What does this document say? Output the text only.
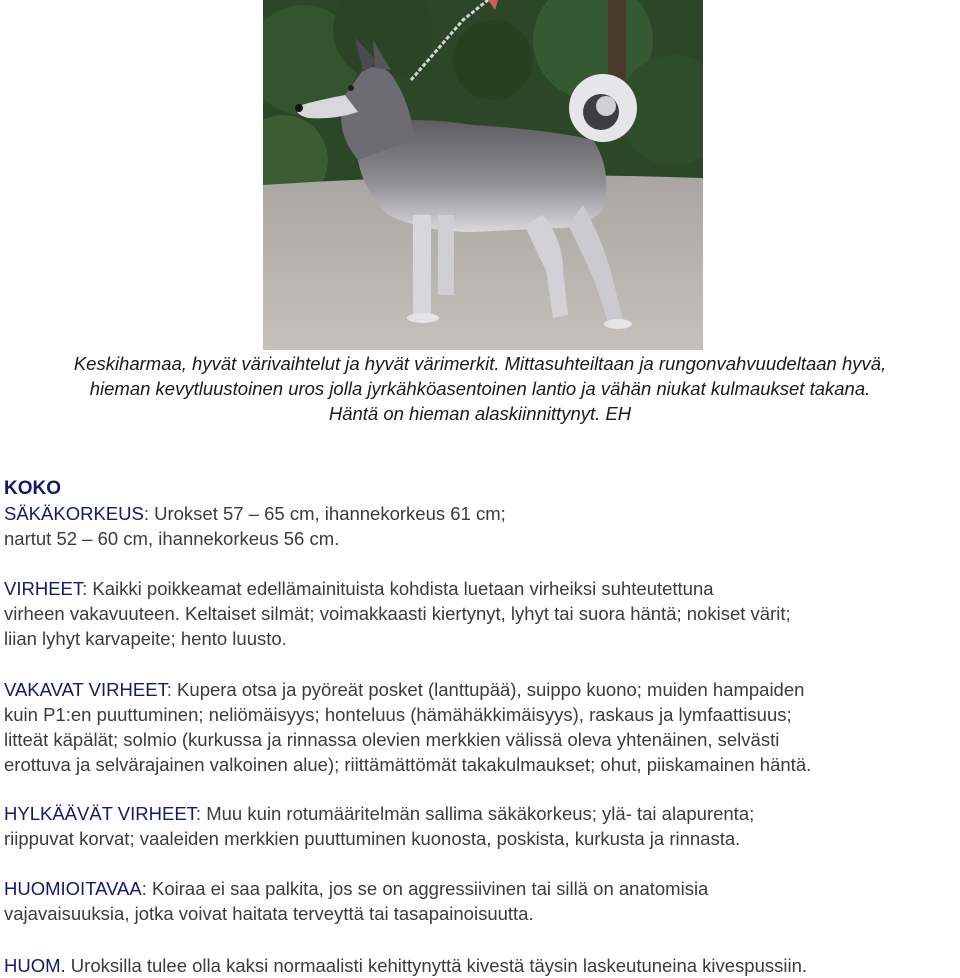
Keskiharmaa, hyvät värivaihtelut ja hyvät värimerkit. Mittasuhteiltaan ja rungonvahvuudeltaan hyvä,
hieman kevytluustoinen uros jolla jyrkähköasentoinen lantio ja vähän niukat kulmaukset takana.
Häntä on hieman alaskiinnittynyt. EH
KOKO
SÄKÄKORKEUS: Urokset 57 – 65 cm, ihannekorkeus 61 cm;
nartut 52 – 60 cm, ihannekorkeus 56 cm.
VIRHEET: Kaikki poikkeamat edellämainituista kohdista luetaan virheiksi suhteutettuna
virheen vakavuuteen. Keltaiset silmät; voimakkaasti kiertynyt, lyhyt tai suora häntä; nokiset värit;
liian lyhyt karvapeite; hento luusto.
VAKAVAT VIRHEET: Kupera otsa ja pyöreät posket (lanttupää), suippo kuono; muiden hampaiden
kuin P1:en puuttuminen; neliömäisyys; honteluus (hämähäkkimäisyys), raskaus ja lymfaattisuus;
litteät käpälät; solmio (kurkussa ja rinnassa olevien merkkien välissä oleva yhtenäinen, selvästi
erottuva ja selvärajainen valkoinen alue); riittämättömät takakulmaukset; ohut, piiskamainen häntä.
HYLKÄÄVÄT VIRHEET: Muu kuin rotumääritelmän sallima säkäkorkeus; ylä- tai alapurenta;
riippuvat korvat; vaaleiden merkkien puuttuminen kuonosta, poskista, kurkusta ja rinnasta.
HUOMIOITAVAA: Koiraa ei saa palkita, jos se on aggressiivinen tai sillä on anatomisia
vajavaisuuksia, jotka voivat haitata terveyttä tai tasapainoisuutta.
HUOM. Uroksilla tulee olla kaksi normaalisti kehittynyttä kivestä täysin laskeutuneina kivespussiin.
